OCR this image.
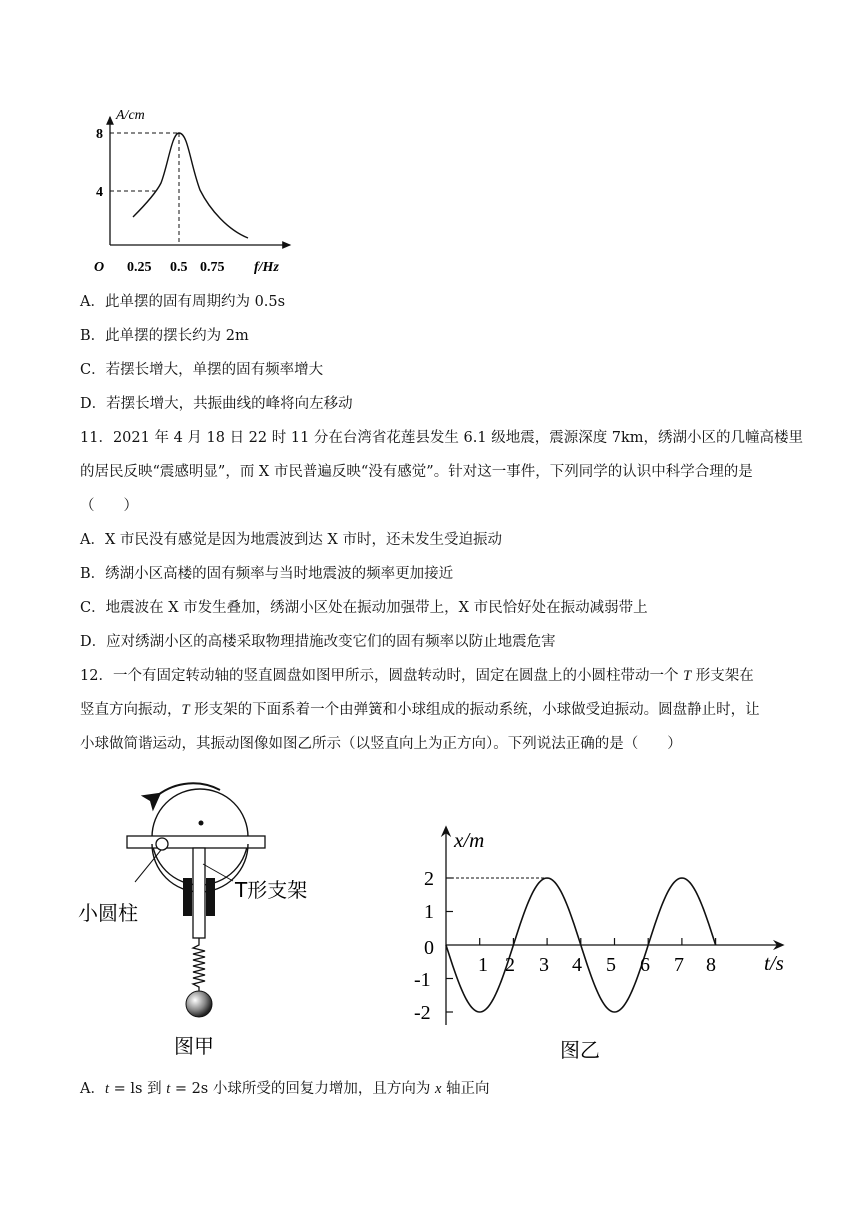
A/cm
8
4
O 0.25 0.5 0.75 f/Hz
A．此单摆的固有周期约为 0.5s
B．此单摆的摆长约为 2m
C．若摆长增大，单摆的固有频率增大
D．若摆长增大，共振曲线的峰将向左移动
11．2021 年 4 月 18 日 22 时 11 分在台湾省花莲县发生 6.1 级地震，震源深度 7km，绣湖小区的几幢高楼里
的居民反映“震感明显”，而 X 市民普遍反映“没有感觉”。针对这一事件，下列同学的认识中科学合理的是
（　　）
A．X 市民没有感觉是因为地震波到达 X 市时，还未发生受迫振动
B．绣湖小区高楼的固有频率与当时地震波的频率更加接近
C．地震波在 X 市发生叠加，绣湖小区处在振动加强带上，X 市民恰好处在振动减弱带上
D．应对绣湖小区的高楼采取物理措施改变它们的固有频率以防止地震危害
12．一个有固定转动轴的竖直圆盘如图甲所示，圆盘转动时，固定在圆盘上的小圆柱带动一个 T 形支架在
竖直方向振动，T 形支架的下面系着一个由弹簧和小球组成的振动系统，小球做受迫振动。圆盘静止时，让
小球做简谐运动，其振动图像如图乙所示（以竖直向上为正方向）。下列说法正确的是（　　）
小圆柱
T形支架
图甲
x/m
t/s
2
1
0
-1
-2
1 2 3 4 5 6 7 8
图乙
A．t = ls 到 t = 2s 小球所受的回复力增加，且方向为 x 轴正向
